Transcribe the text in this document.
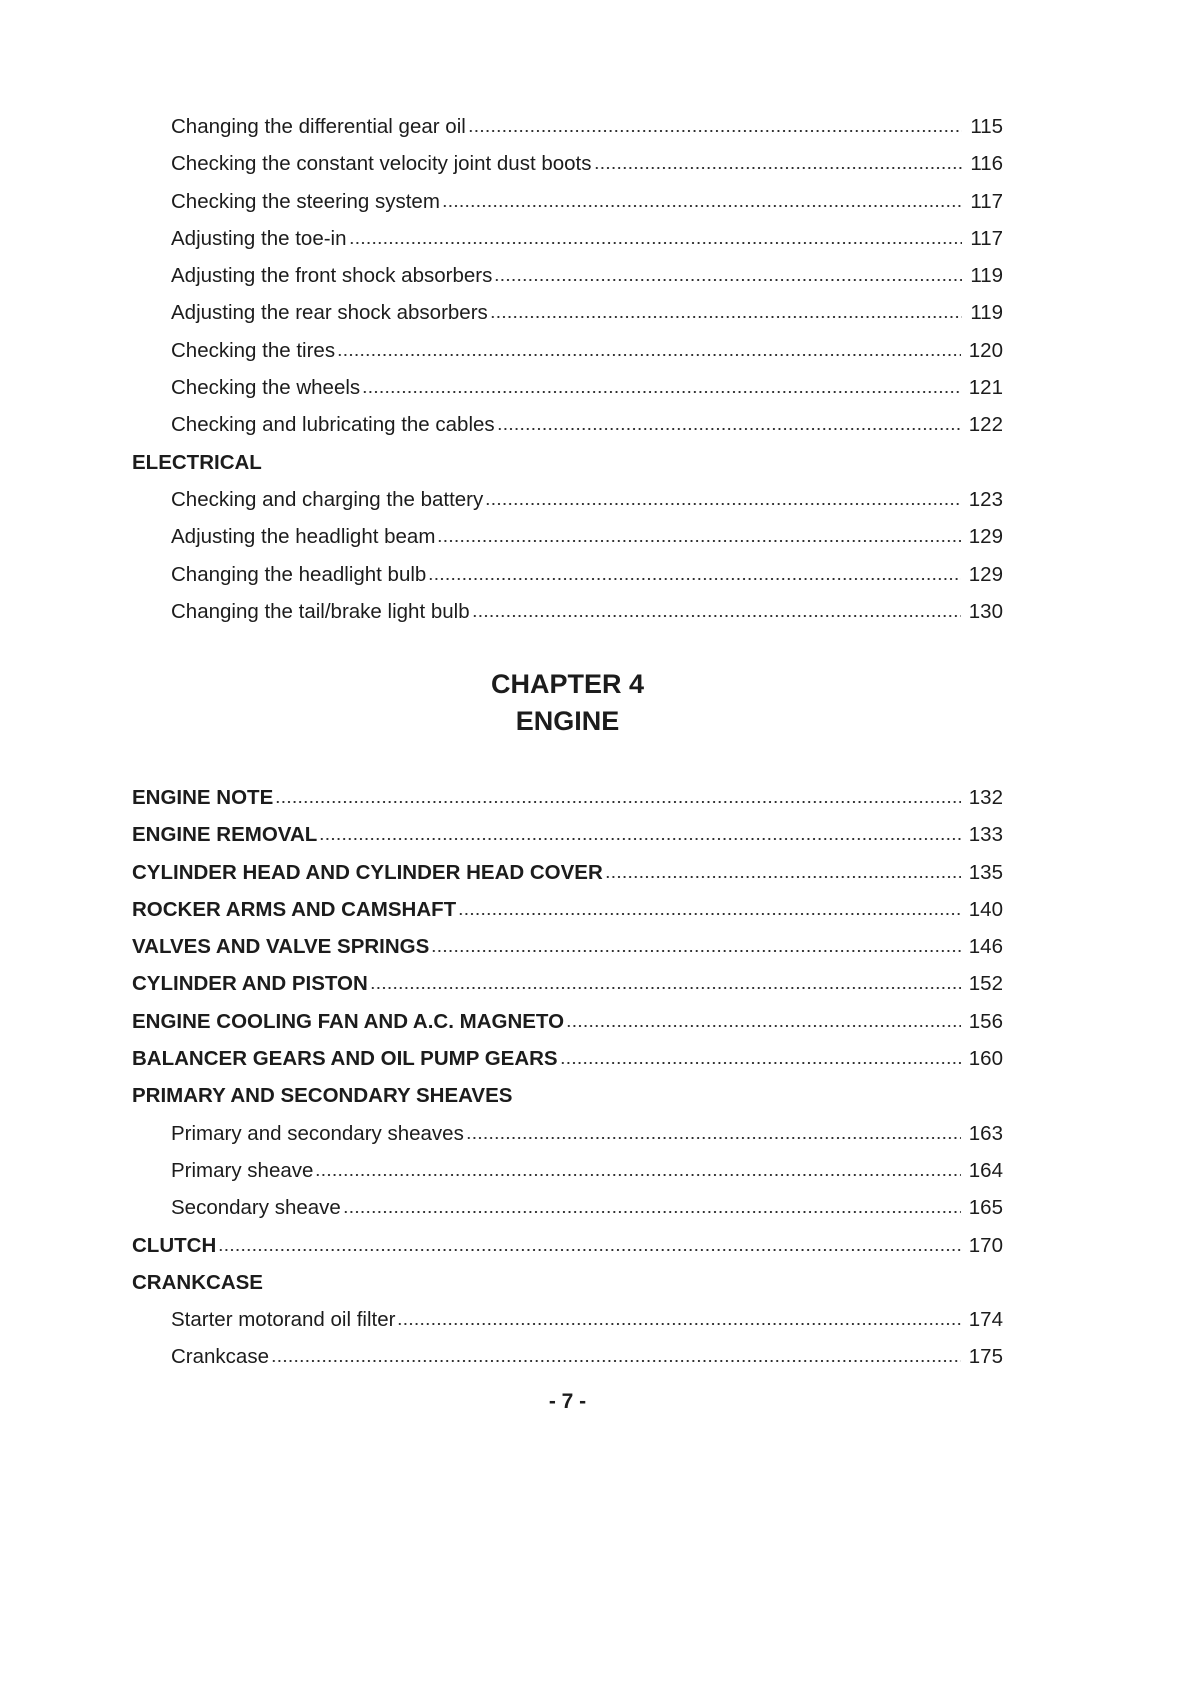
Changing the differential gear oil	115
Checking the constant velocity joint dust boots	116
Checking the steering system	117
Adjusting the toe-in	117
Adjusting the front shock absorbers	119
Adjusting the rear shock absorbers	119
Checking the tires	120
Checking the wheels	121
Checking and lubricating the cables	122
ELECTRICAL
Checking and charging the battery	123
Adjusting the headlight beam	129
Changing the headlight bulb	129
Changing the tail/brake light bulb	130
CHAPTER 4
ENGINE
ENGINE NOTE	132
ENGINE REMOVAL	133
CYLINDER HEAD AND CYLINDER HEAD COVER	135
ROCKER ARMS AND CAMSHAFT	140
VALVES AND VALVE SPRINGS	146
CYLINDER AND PISTON	152
ENGINE COOLING FAN AND A.C. MAGNETO	156
BALANCER GEARS AND OIL PUMP GEARS	160
PRIMARY AND SECONDARY SHEAVES
Primary and secondary sheaves	163
Primary sheave	164
Secondary sheave	165
CLUTCH	170
CRANKCASE
Starter motorand oil filter	174
Crankcase	175
- 7 -
